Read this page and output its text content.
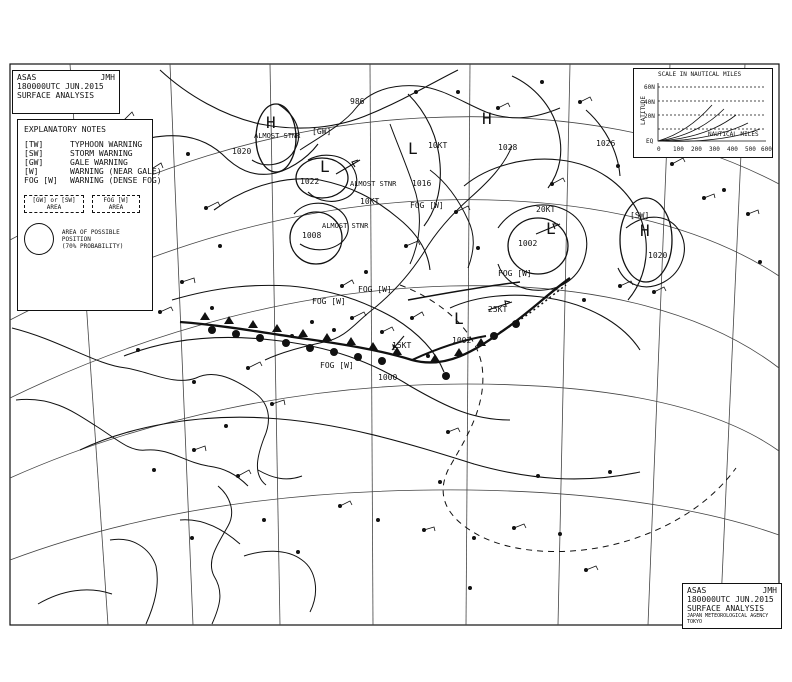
1020
1016
1028	1026
1022
1002
1000
1020
1002
986
1008
H
L
L
H
L	H
L
FOG [W]
FOG [W]
FOG [W]
FOG [W]
FOG [W]
[SW]
[GW]
10KT
20KT
25KT
15KT
10KT
ALMOST STNR
ALMOST STNR
ALMOST STNR
ASAS	JMH
180000UTC JUN.2015
SURFACE ANALYSIS
EXPLANATORY NOTES
[TW]	TYPHOON WARNING
[SW]	STORM WARNING
[GW]	GALE WARNING
[W]	WARNING (NEAR GALE)
FOG [W]	WARNING (DENSE FOG)
[GW] or [SW]
AREA
FOG [W]
AREA
AREA OF POSSIBLE POSITION
(70% PROBABILITY)
SCALE IN NAUTICAL MILES
LATITUDE
60N
40N
20N
EQ
0 100 200 300 400 500 600
NAUTICAL MILES
ASAS	JMH
180000UTC JUN.2015
SURFACE ANALYSIS
JAPAN METEOROLOGICAL AGENCY TOKYO
